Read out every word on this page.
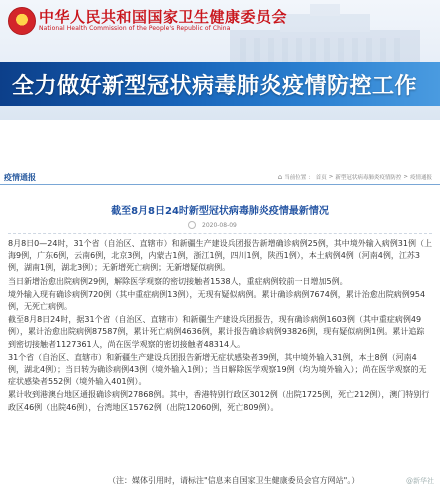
★ 中华人民共和国国家卫生健康委员会
National Health Commission of the People's Republic of China
全力做好新型冠状病毒肺炎疫情防控工作
疫情通报	⌂ 当前位置 ： 首页 > 新型冠状病毒肺炎疫情防控 > 疫情通报
截至8月8日24时新型冠状病毒肺炎疫情最新情况
2020-08-09

8月8日0—24时，31个省（自治区、直辖市）和新疆生产建设兵团报告新增确诊病例25例，其中境外输入病例31例（上海9例，广东6例，云南6例，北京3例，内蒙古1例，浙江1例，四川1例，陕西1例），本土病例4例（河南4例，江苏3例，湖南1例，湖北3例）；无新增死亡病例；无新增疑似病例。

当日新增治愈出院病例29例，解除医学观察的密切接触者1538人，重症病例较前一日增加5例。

境外输入现有确诊病例720例（其中重症病例13例），无现有疑似病例。累计确诊病例7674例，累计治愈出院病例954例，无死亡病例。

截至8月8日24时，据31个省（自治区、直辖市）和新疆生产建设兵团报告，现有确诊病例1603例（其中重症病例49例），累计治愈出院病例87587例，累计死亡病例4636例，累计报告确诊病例93826例，现有疑似病例1例。累计追踪到密切接触者1127361人，尚在医学观察的密切接触者48314人。

31个省（自治区、直辖市）和新疆生产建设兵团报告新增无症状感染者39例，其中境外输入31例，本土8例（河南4例，湖北4例）；当日转为确诊病例43例（境外输入1例）；当日解除医学观察19例（均为境外输入）；尚在医学观察的无症状感染者552例（境外输入401例）。

累计收到港澳台地区通报确诊病例27868例。其中，香港特别行政区3012例（出院1725例，死亡212例），澳门特别行政区46例（出院46例），台湾地区15762例（出院12060例，死亡809例）。

（注：媒体引用时，请标注"信息来自国家卫生健康委员会官方网站"。）	@新华社
